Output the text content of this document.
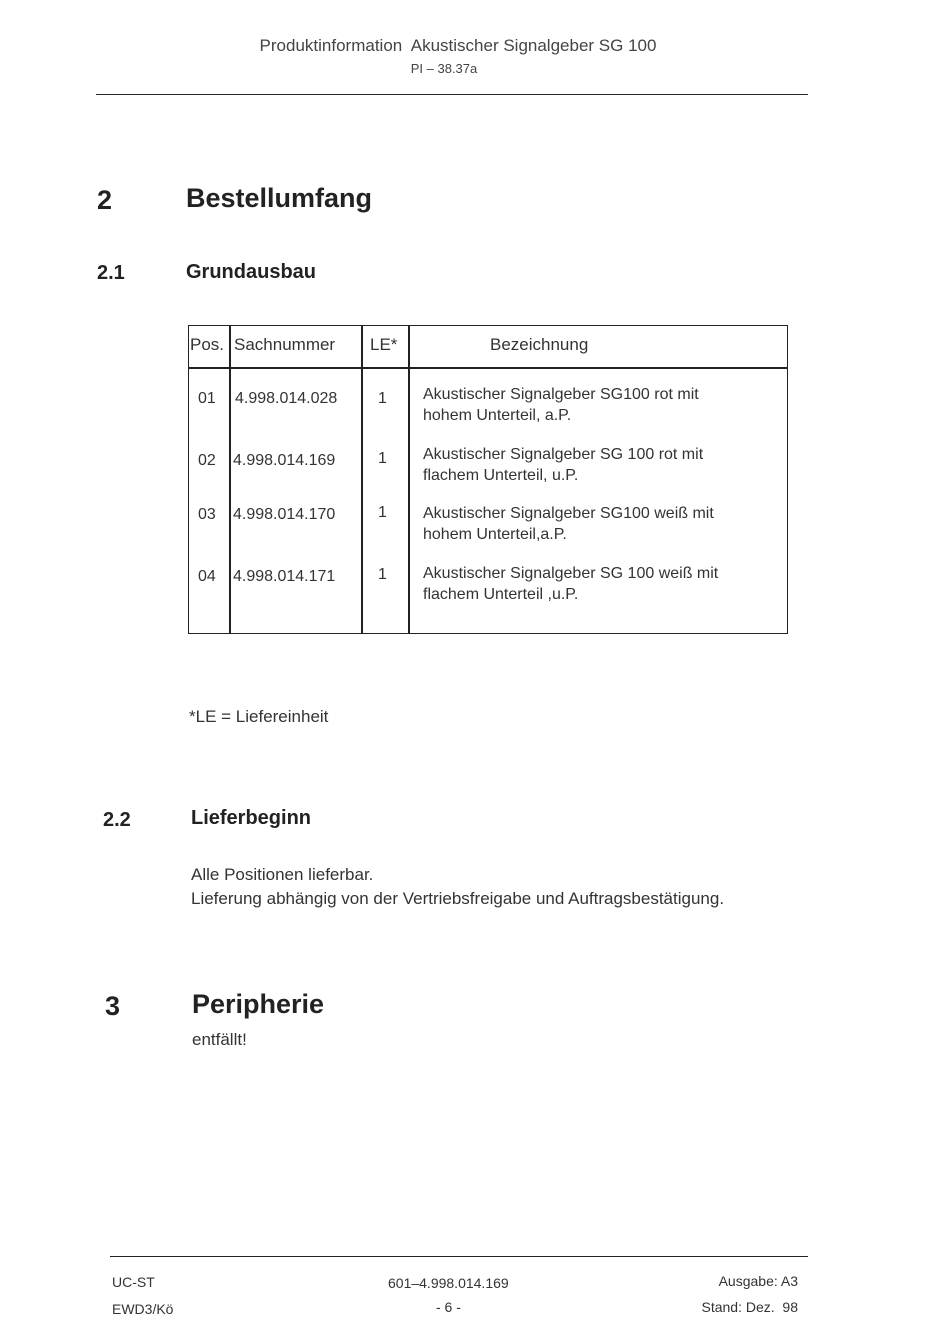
Produktinformation  Akustischer Signalgeber SG 100
PI – 38.37a
2	Bestellumfang
2.1	Grundausbau
Pos. Sachnummer LE*	Bezeichnung
01 4.998.014.028	1 Akustischer Signalgeber SG100 rot mit
hohem Unterteil, a.P.
02 4.998.014.169	1 Akustischer Signalgeber SG 100 rot mit
flachem Unterteil, u.P.
03 4.998.014.170	1 Akustischer Signalgeber SG100 weiß mit
hohem Unterteil,a.P.
04 4.998.014.171	1 Akustischer Signalgeber SG 100 weiß mit
flachem Unterteil ,u.P.
*LE = Liefereinheit
2.2	Lieferbeginn
Alle Positionen lieferbar.
Lieferung abhängig von der Vertriebsfreigabe und Auftragsbestätigung.
3	Peripherie
entfällt!
UC-ST
EWD3/Kö
601–4.998.014.169
- 6 -
Ausgabe: A3
Stand: Dez.  98
